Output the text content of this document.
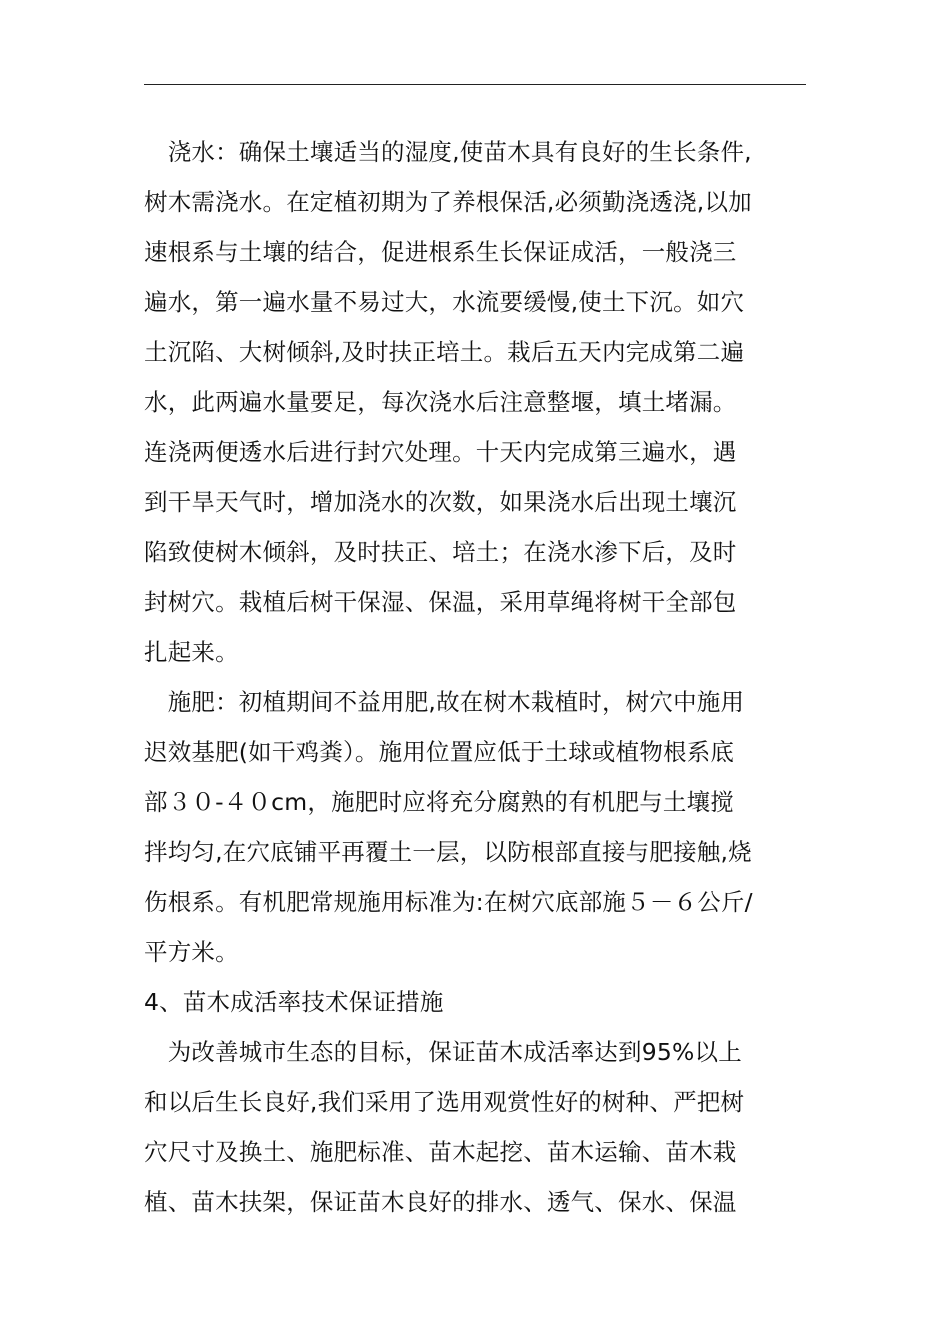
　浇水：确保土壤适当的湿度,使苗木具有良好的生长条件,
树木需浇水。在定植初期为了养根保活,必须勤浇透浇,以加
速根系与土壤的结合，促进根系生长保证成活，一般浇三
遍水，第一遍水量不易过大，水流要缓慢,使土下沉。如穴
土沉陷、大树倾斜,及时扶正培土。栽后五天内完成第二遍
水，此两遍水量要足，每次浇水后注意整堰，填土堵漏。
连浇两便透水后进行封穴处理。十天内完成第三遍水，遇
到干旱天气时，增加浇水的次数，如果浇水后出现土壤沉
陷致使树木倾斜，及时扶正、培土；在浇水渗下后，及时
封树穴。栽植后树干保湿、保温，采用草绳将树干全部包
扎起来。
　施肥：初植期间不益用肥,故在树木栽植时，树穴中施用
迟效基肥(如干鸡粪）。施用位置应低于土球或植物根系底
部３０-４０cm，施肥时应将充分腐熟的有机肥与土壤搅
拌均匀,在穴底铺平再覆土一层，以防根部直接与肥接触,烧
伤根系。有机肥常规施用标准为:在树穴底部施５－６公斤/
平方米。
4、苗木成活率技术保证措施
　为改善城市生态的目标，保证苗木成活率达到95%以上
和以后生长良好,我们采用了选用观赏性好的树种、严把树
穴尺寸及换土、施肥标准、苗木起挖、苗木运输、苗木栽
植、苗木扶架，保证苗木良好的排水、透气、保水、保温
